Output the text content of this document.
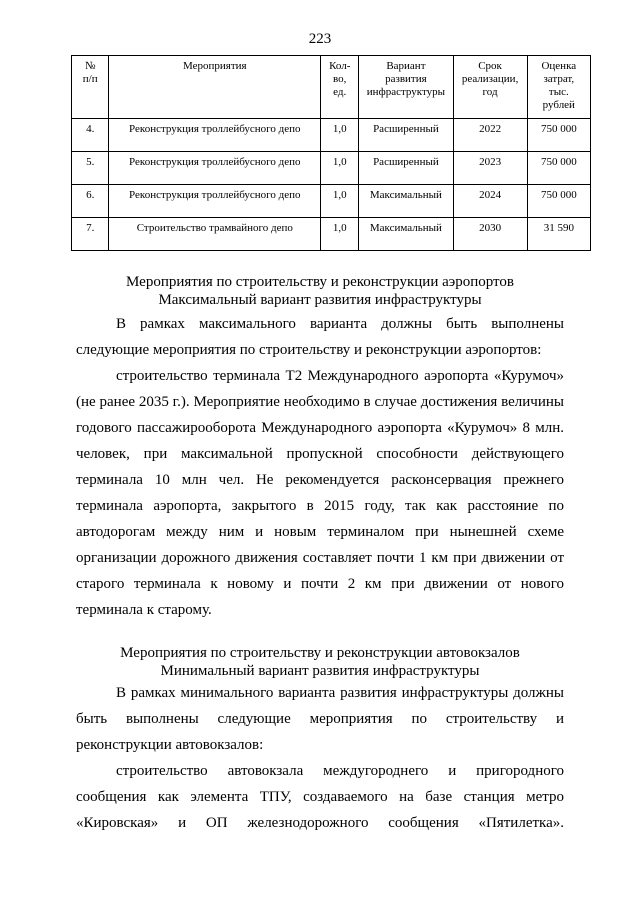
223
№
п/п	Мероприятия	Кол-
во,
ед.	Вариант
развития
инфраструктуры	Срок
реализации,
год	Оценка
затрат,
тыс.
рублей
4.	Реконструкция троллейбусного депо	1,0	Расширенный	2022	750 000
5.	Реконструкция троллейбусного депо	1,0	Расширенный	2023	750 000
6.	Реконструкция троллейбусного депо	1,0	Максимальный	2024	750 000
7.	Строительство трамвайного депо	1,0	Максимальный	2030	31 590
Мероприятия по строительству и реконструкции аэропортов
Максимальный вариант развития инфраструктуры

В рамках максимального варианта должны быть выполнены следующие мероприятия по строительству и реконструкции аэропортов:

строительство терминала Т2 Международного аэропорта «Курумоч» (не ранее 2035 г.). Мероприятие необходимо в случае достижения величины годового пассажирооборота Международного аэропорта «Курумоч» 8 млн. человек, при максимальной пропускной способности действующего терминала 10 млн чел. Не рекомендуется расконсервация прежнего терминала аэропорта, закрытого в 2015 году, так как расстояние по автодорогам между ним и новым терминалом при нынешней схеме организации дорожного движения составляет почти 1 км при движении от старого терминала к новому и почти 2 км при движении от нового терминала к старому.

Мероприятия по строительству и реконструкции автовокзалов
Минимальный вариант развития инфраструктуры

В рамках минимального варианта развития инфраструктуры должны быть выполнены следующие мероприятия по строительству и реконструкции автовокзалов:

строительство автовокзала междугороднего и пригородного сообщения как элемента ТПУ, создаваемого на базе станция метро «Кировская» и ОП железнодорожного сообщения «Пятилетка».
